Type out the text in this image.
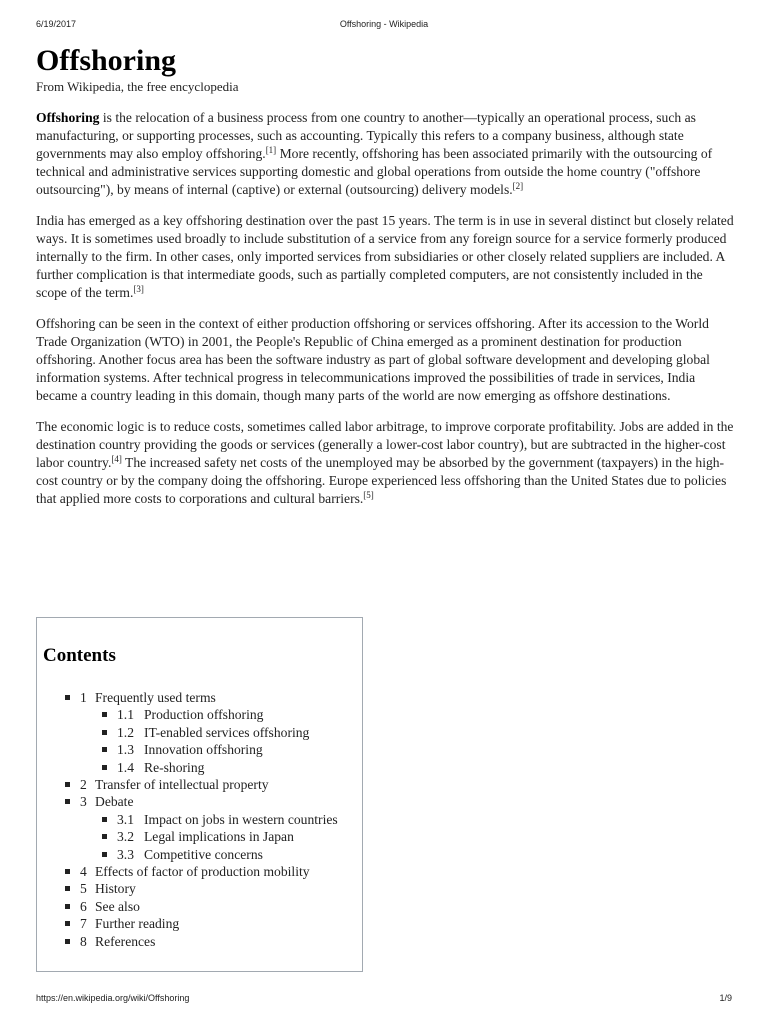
6/19/2017	Offshoring - Wikipedia
Offshoring
From Wikipedia, the free encyclopedia

Offshoring is the relocation of a business process from one country to another—typically an operational process, such as manufacturing, or supporting processes, such as accounting. Typically this refers to a company business, although state governments may also employ offshoring.[1] More recently, offshoring has been associated primarily with the outsourcing of technical and administrative services supporting domestic and global operations from outside the home country ("offshore outsourcing"), by means of internal (captive) or external (outsourcing) delivery models.[2]

India has emerged as a key offshoring destination over the past 15 years. The term is in use in several distinct but closely related ways. It is sometimes used broadly to include substitution of a service from any foreign source for a service formerly produced internally to the firm. In other cases, only imported services from subsidiaries or other closely related suppliers are included. A further complication is that intermediate goods, such as partially completed computers, are not consistently included in the scope of the term.[3]

Offshoring can be seen in the context of either production offshoring or services offshoring. After its accession to the World Trade Organization (WTO) in 2001, the People's Republic of China emerged as a prominent destination for production offshoring. Another focus area has been the software industry as part of global software development and developing global information systems. After technical progress in telecommunications improved the possibilities of trade in services, India became a country leading in this domain, though many parts of the world are now emerging as offshore destinations.

The economic logic is to reduce costs, sometimes called labor arbitrage, to improve corporate profitability. Jobs are added in the destination country providing the goods or services (generally a lower-cost labor country), but are subtracted in the higher-cost labor country.[4] The increased safety net costs of the unemployed may be absorbed by the government (taxpayers) in the high-cost country or by the company doing the offshoring. Europe experienced less offshoring than the United States due to policies that applied more costs to corporations and cultural barriers.[5]

Contents
1 Frequently used terms
1.1 Production offshoring
1.2 IT-enabled services offshoring
1.3 Innovation offshoring
1.4 Re-shoring
2 Transfer of intellectual property
3 Debate
3.1 Impact on jobs in western countries
3.2 Legal implications in Japan
3.3 Competitive concerns
4 Effects of factor of production mobility
5 History
6 See also
7 Further reading
8 References
https://en.wikipedia.org/wiki/Offshoring	1/9
